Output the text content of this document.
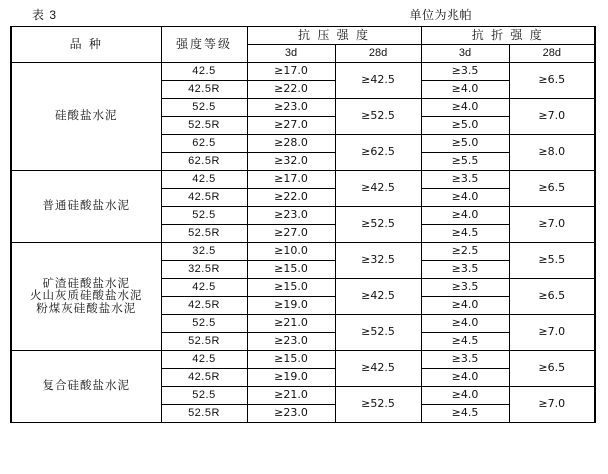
表 3	单位为兆帕
品 种	强度等级	抗 压 强 度		抗 折 强 度	
		3d	28d	3d	28d
硅酸盐水泥	42.5	≥17.0	≥42.5	≥3.5	≥6.5
	42.5R	≥22.0		≥4.0	
	52.5	≥23.0	≥52.5	≥4.0	≥7.0
	52.5R	≥27.0		≥5.0	
	62.5	≥28.0	≥62.5	≥5.0	≥8.0
	62.5R	≥32.0		≥5.5	
普通硅酸盐水泥	42.5	≥17.0	≥42.5	≥3.5	≥6.5
	42.5R	≥22.0		≥4.0	
	52.5	≥23.0	≥52.5	≥4.0	≥7.0
	52.5R	≥27.0		≥4.5	
矿渣硅酸盐水泥
火山灰质硅酸盐水泥
粉煤灰硅酸盐水泥	32.5	≥10.0	≥32.5	≥2.5	≥5.5
	32.5R	≥15.0		≥3.5	
	42.5	≥15.0	≥42.5	≥3.5	≥6.5
	42.5R	≥19.0		≥4.0	
	52.5	≥21.0	≥52.5	≥4.0	≥7.0
	52.5R	≥23.0		≥4.5	
复合硅酸盐水泥	42.5	≥15.0	≥42.5	≥3.5	≥6.5
	42.5R	≥19.0		≥4.0	
	52.5	≥21.0	≥52.5	≥4.0	≥7.0
	52.5R	≥23.0		≥4.5	
